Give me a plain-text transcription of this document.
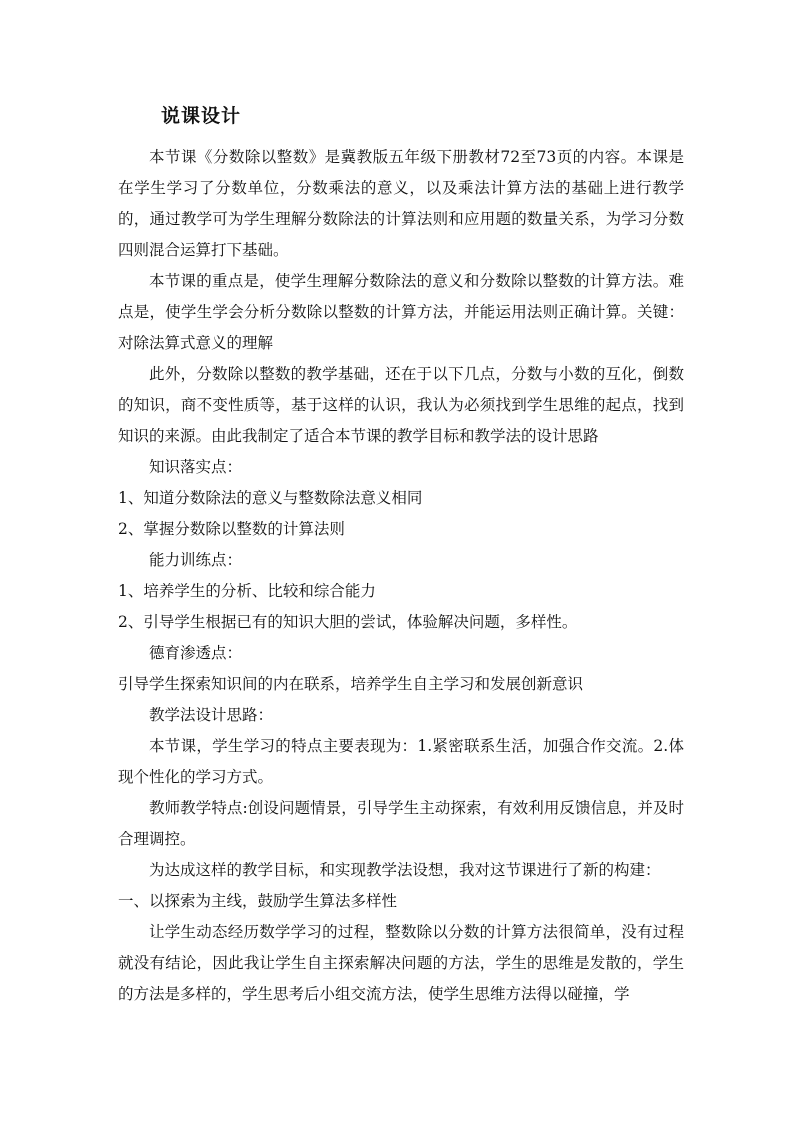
说课设计

本节课《分数除以整数》是冀教版五年级下册教材72至73页的内容。本课是在学生学习了分数单位，分数乘法的意义，以及乘法计算方法的基础上进行教学的，通过教学可为学生理解分数除法的计算法则和应用题的数量关系，为学习分数四则混合运算打下基础。

本节课的重点是，使学生理解分数除法的意义和分数除以整数的计算方法。难点是，使学生学会分析分数除以整数的计算方法，并能运用法则正确计算。关键：对除法算式意义的理解

此外，分数除以整数的教学基础，还在于以下几点，分数与小数的互化，倒数的知识，商不变性质等，基于这样的认识，我认为必须找到学生思维的起点，找到知识的来源。由此我制定了适合本节课的教学目标和教学法的设计思路

知识落实点：

1、知道分数除法的意义与整数除法意义相同

2、掌握分数除以整数的计算法则

能力训练点：

1、培养学生的分析、比较和综合能力

2、引导学生根据已有的知识大胆的尝试，体验解决问题，多样性。

德育渗透点：

引导学生探索知识间的内在联系，培养学生自主学习和发展创新意识

教学法设计思路：

本节课，学生学习的特点主要表现为：1.紧密联系生活，加强合作交流。2.体现个性化的学习方式。

教师教学特点:创设问题情景，引导学生主动探索，有效利用反馈信息，并及时合理调控。

为达成这样的教学目标，和实现教学法设想，我对这节课进行了新的构建：

一、以探索为主线，鼓励学生算法多样性

让学生动态经历数学学习的过程，整数除以分数的计算方法很简单，没有过程就没有结论，因此我让学生自主探索解决问题的方法，学生的思维是发散的，学生的方法是多样的，学生思考后小组交流方法，使学生思维方法得以碰撞，学
